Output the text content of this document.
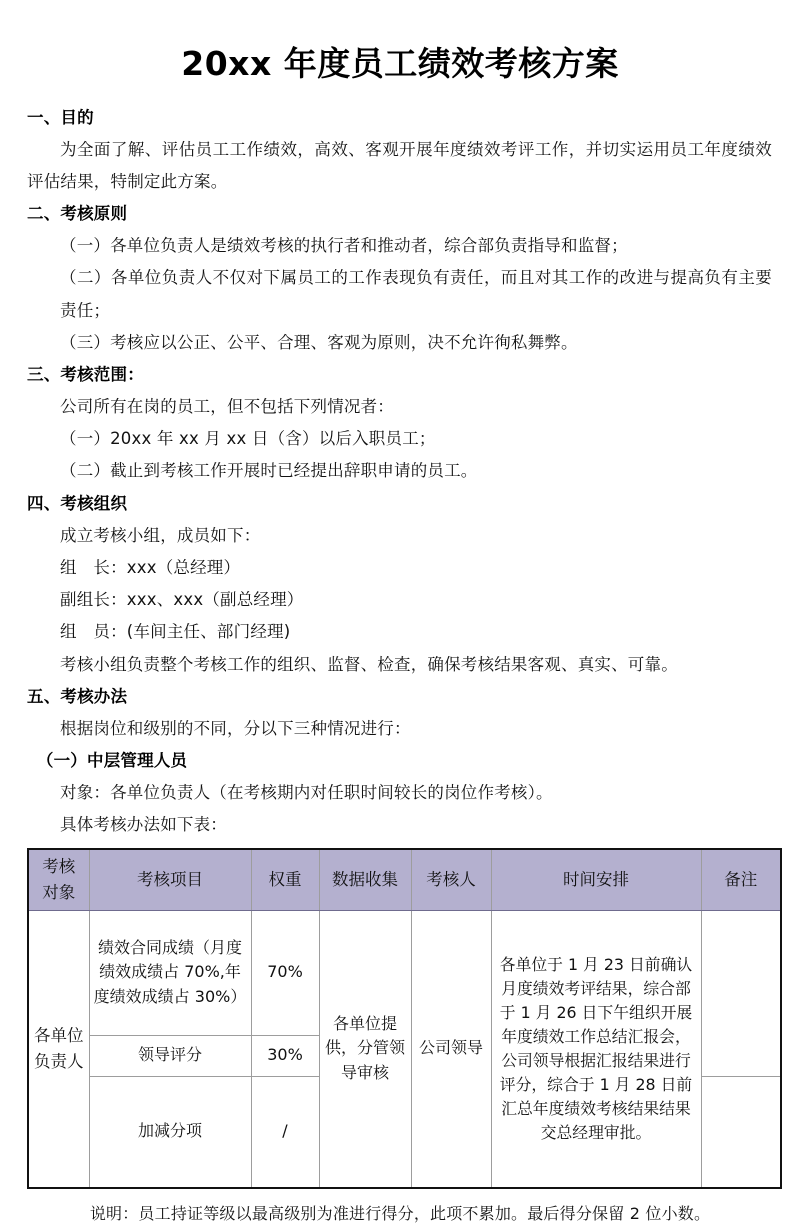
20xx 年度员工绩效考核方案

一、目的

为全面了解、评估员工工作绩效，高效、客观开展年度绩效考评工作，并切实运用员工年度绩效评估结果，特制定此方案。

二、考核原则

（一）各单位负责人是绩效考核的执行者和推动者，综合部负责指导和监督；

（二）各单位负责人不仅对下属员工的工作表现负有责任，而且对其工作的改进与提高负有主要责任；

（三）考核应以公正、公平、合理、客观为原则，决不允许徇私舞弊。

三、考核范围：

公司所有在岗的员工，但不包括下列情况者：

（一）20xx 年 xx 月 xx 日（含）以后入职员工；

（二）截止到考核工作开展时已经提出辞职申请的员工。

四、考核组织

成立考核小组，成员如下：

组　长：xxx（总经理）

副组长：xxx、xxx（副总经理）

组　员：(车间主任、部门经理)

考核小组负责整个考核工作的组织、监督、检查，确保考核结果客观、真实、可靠。

五、考核办法

根据岗位和级别的不同，分以下三种情况进行：

（一）中层管理人员

对象：各单位负责人（在考核期内对任职时间较长的岗位作考核）。

具体考核办法如下表：

考核
对象	考核项目	权重	数据收集	考核人	时间安排	备注
各单位负责人	绩效合同成绩（月度绩效成绩占 70%,年度绩效成绩占 30%）	70%	各单位提供，分管领导审核	公司领导	各单位于 1 月 23 日前确认月度绩效考评结果，综合部于 1 月 26 日下午组织开展年度绩效工作总结汇报会，公司领导根据汇报结果进行评分，综合于 1 月 28 日前汇总年度绩效考核结果结果交总经理审批。	
	领导评分	30%				
	加减分项	/				

说明：员工持证等级以最高级别为准进行得分，此项不累加。最后得分保留 2 位小数。
